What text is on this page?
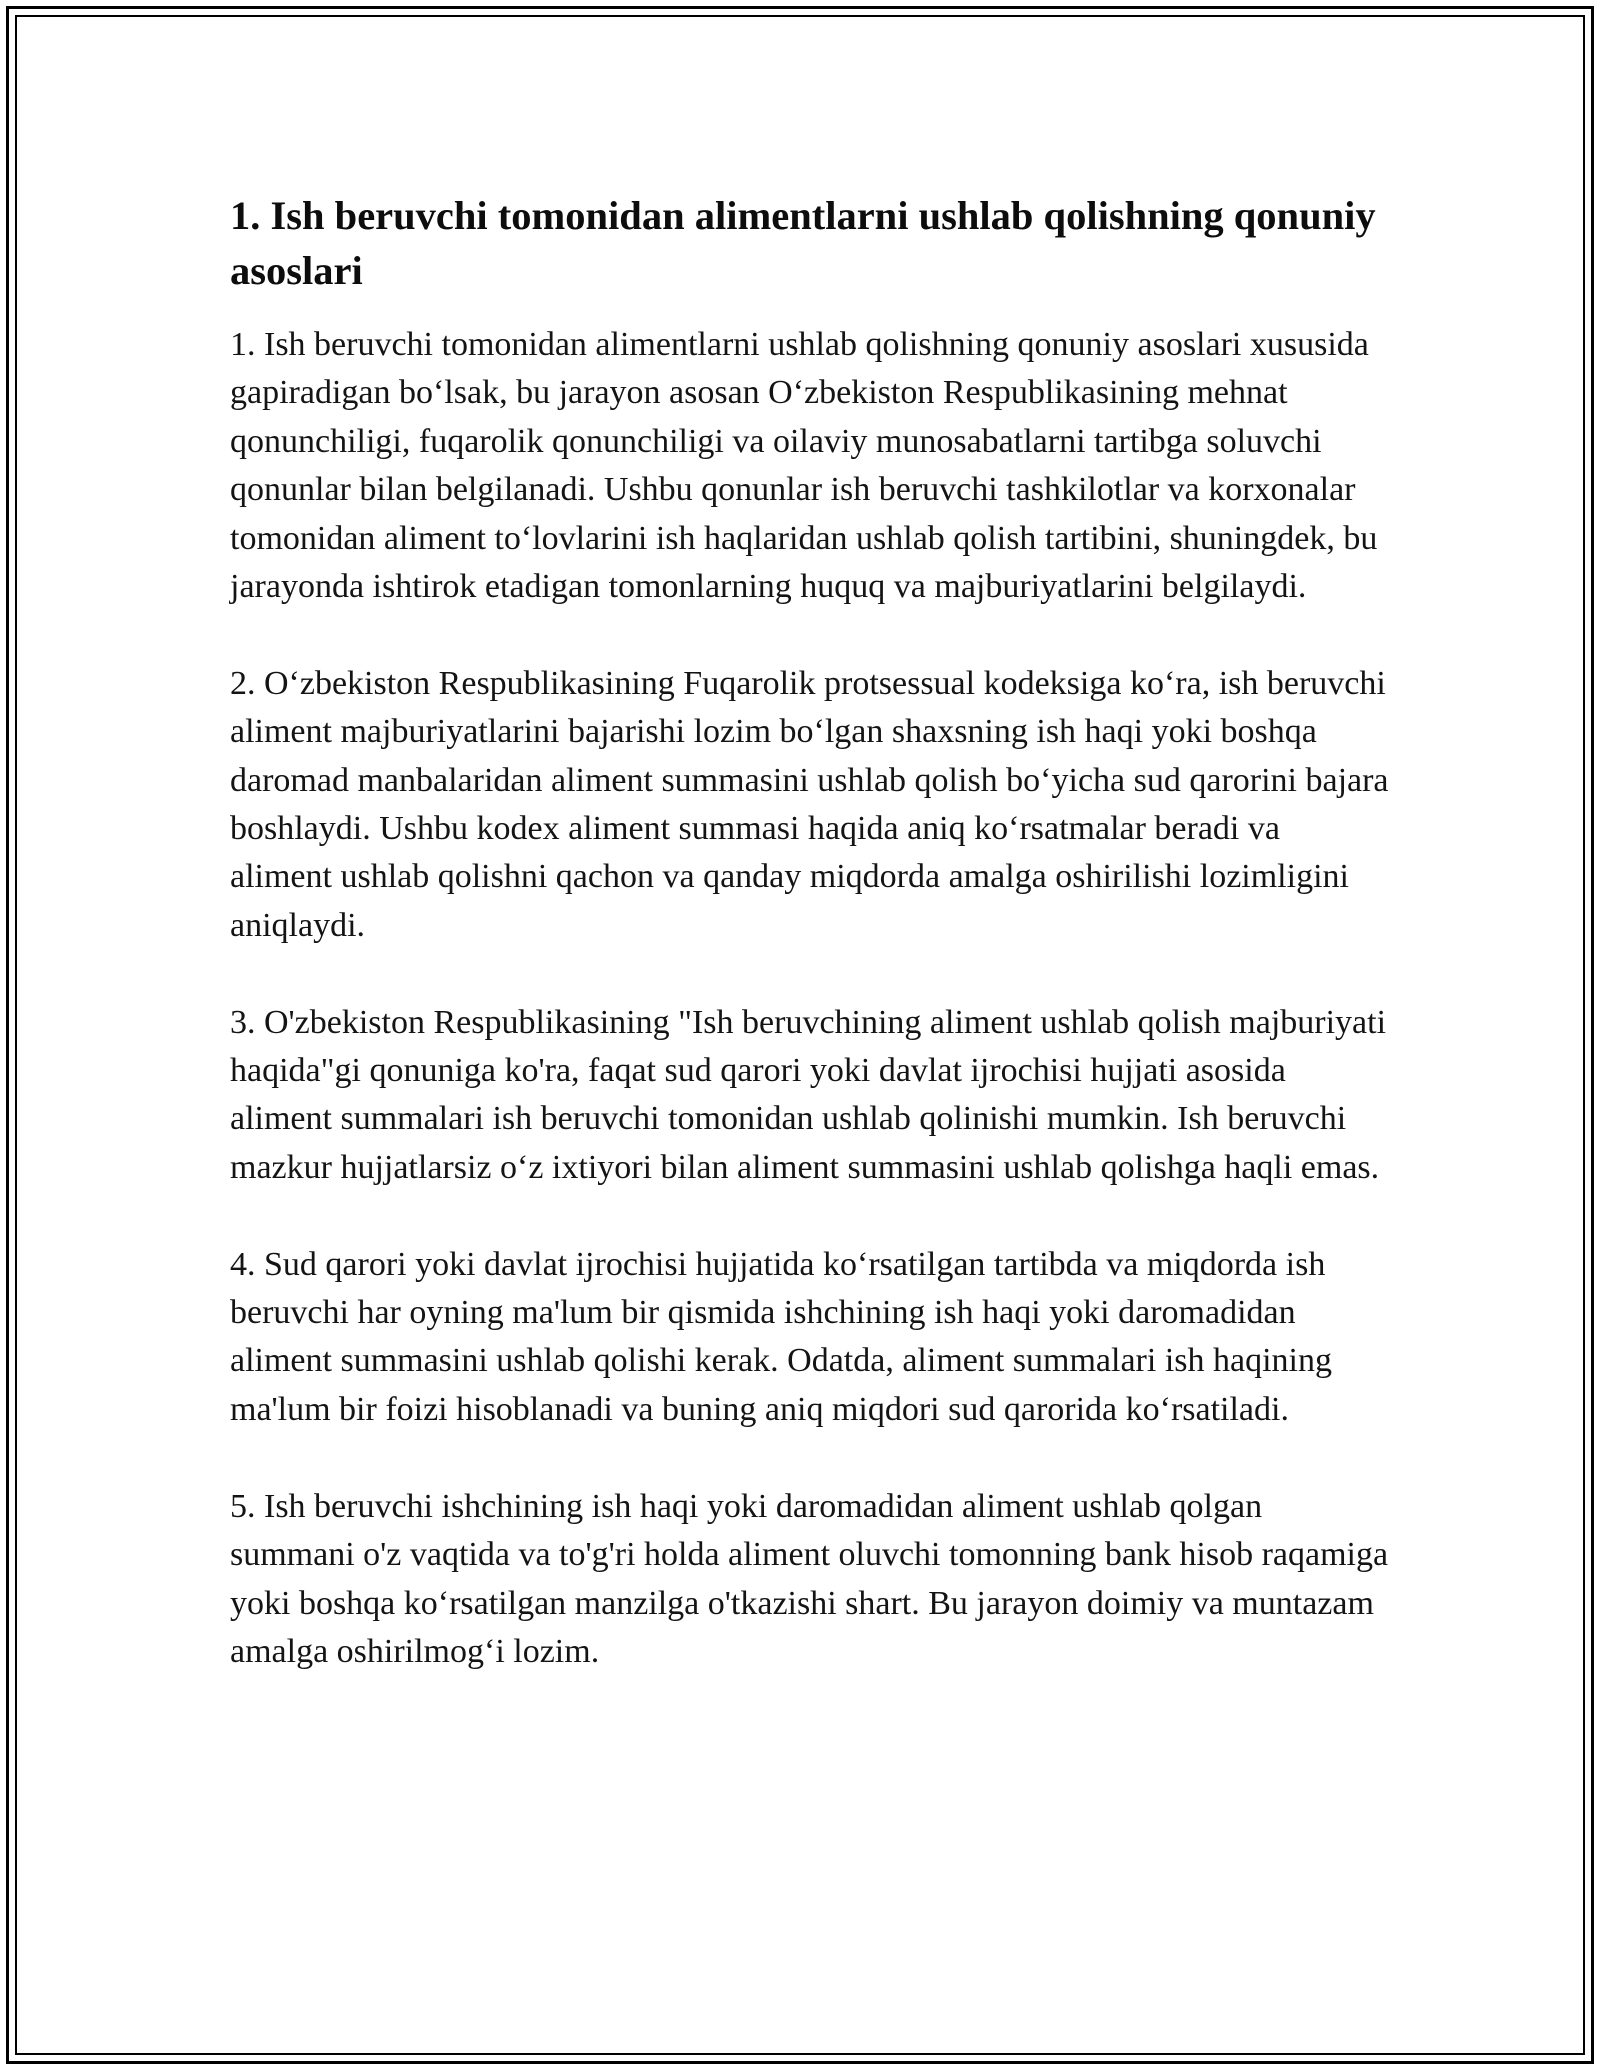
1. Ish beruvchi tomonidan alimentlarni ushlab qolishning qonuniy asoslari

1. Ish beruvchi tomonidan alimentlarni ushlab qolishning qonuniy asoslari xususida gapiradigan bo‘lsak, bu jarayon asosan O‘zbekiston Respublikasining mehnat qonunchiligi, fuqarolik qonunchiligi va oilaviy munosabatlarni tartibga soluvchi qonunlar bilan belgilanadi. Ushbu qonunlar ish beruvchi tashkilotlar va korxonalar tomonidan aliment to‘lovlarini ish haqlaridan ushlab qolish tartibini, shuningdek, bu jarayonda ishtirok etadigan tomonlarning huquq va majburiyatlarini belgilaydi.

2. O‘zbekiston Respublikasining Fuqarolik protsessual kodeksiga ko‘ra, ish beruvchi aliment majburiyatlarini bajarishi lozim bo‘lgan shaxsning ish haqi yoki boshqa daromad manbalaridan aliment summasini ushlab qolish bo‘yicha sud qarorini bajara boshlaydi. Ushbu kodex aliment summasi haqida aniq ko‘rsatmalar beradi va aliment ushlab qolishni qachon va qanday miqdorda amalga oshirilishi lozimligini aniqlaydi.

3. O'zbekiston Respublikasining "Ish beruvchining aliment ushlab qolish majburiyati haqida"gi qonuniga ko'ra, faqat sud qarori yoki davlat ijrochisi hujjati asosida aliment summalari ish beruvchi tomonidan ushlab qolinishi mumkin. Ish beruvchi mazkur hujjatlarsiz o‘z ixtiyori bilan aliment summasini ushlab qolishga haqli emas.

4. Sud qarori yoki davlat ijrochisi hujjatida ko‘rsatilgan tartibda va miqdorda ish beruvchi har oyning ma'lum bir qismida ishchining ish haqi yoki daromadidan aliment summasini ushlab qolishi kerak. Odatda, aliment summalari ish haqining ma'lum bir foizi hisoblanadi va buning aniq miqdori sud qarorida ko‘rsatiladi.

5. Ish beruvchi ishchining ish haqi yoki daromadidan aliment ushlab qolgan summani o'z vaqtida va to'g'ri holda aliment oluvchi tomonning bank hisob raqamiga yoki boshqa ko‘rsatilgan manzilga o'tkazishi shart. Bu jarayon doimiy va muntazam amalga oshirilmog‘i lozim.
